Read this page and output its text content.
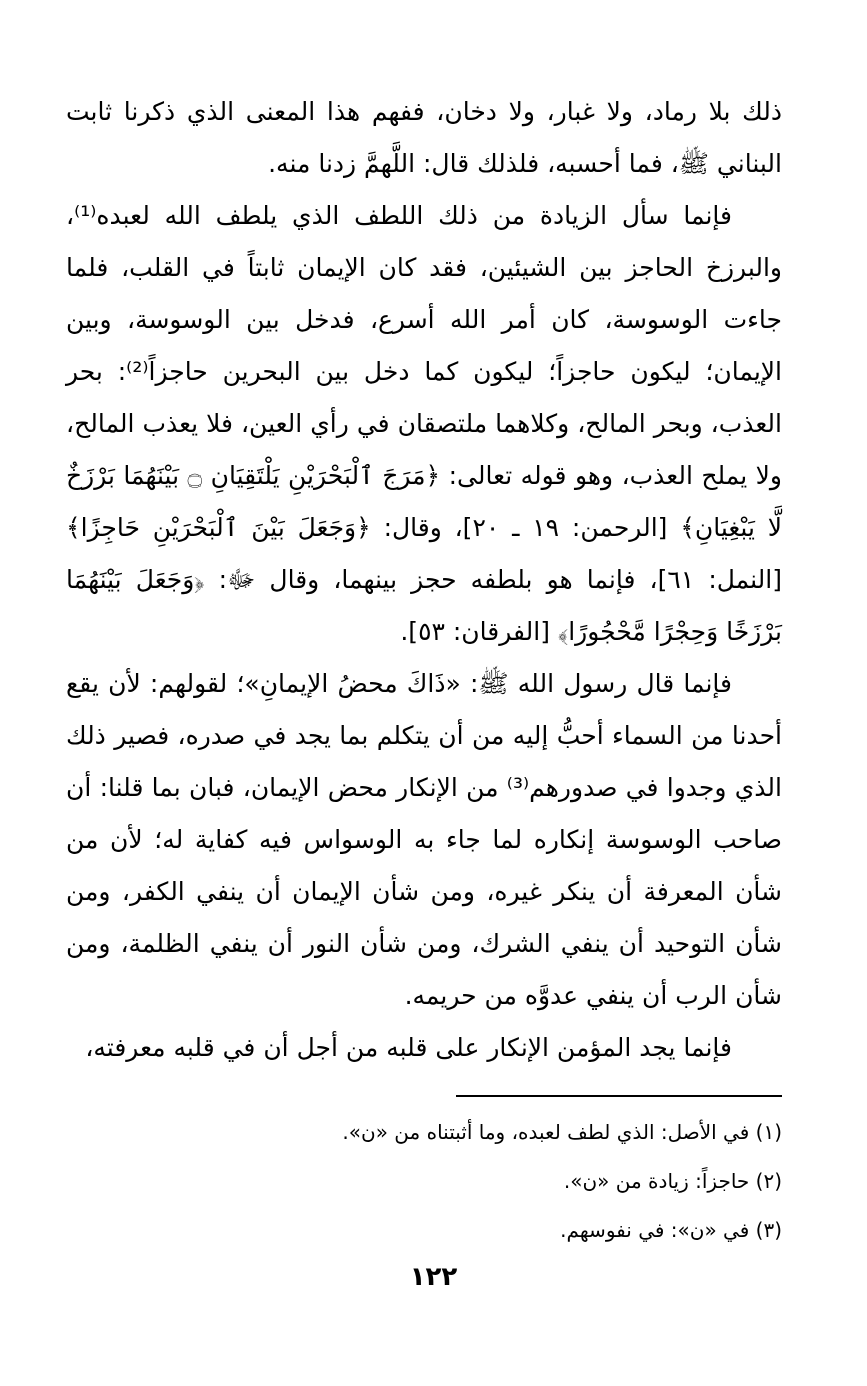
ذلك بلا رماد، ولا غبار، ولا دخان، ففهم هذا المعنى الذي ذكرنا ثابت البناني ﷺ، فما أحسبه، فلذلك قال: اللَّهمَّ زدنا منه.

فإنما سأل الزيادة من ذلك اللطف الذي يلطف الله لعبده⁽¹⁾، والبرزخ الحاجز بين الشيئين، فقد كان الإيمان ثابتاً في القلب، فلما جاءت الوسوسة، كان أمر الله أسرع، فدخل بين الوسوسة، وبين الإيمان؛ ليكون حاجزاً؛ ليكون كما دخل بين البحرين حاجزاً⁽²⁾: بحر العذب، وبحر المالح، وكلاهما ملتصقان في رأي العين، فلا يعذب المالح، ولا يملح العذب، وهو قوله تعالى: ﴿مَرَجَ ٱلْبَحْرَيْنِ يَلْتَقِيَانِ ۝ بَيْنَهُمَا بَرْزَخٌ لَّا يَبْغِيَانِ﴾ [الرحمن: ١٩ ـ ٢٠]، وقال: ﴿وَجَعَلَ بَيْنَ ٱلْبَحْرَيْنِ حَاجِزًا﴾ [النمل: ٦١]، فإنما هو بلطفه حجز بينهما، وقال ﷻ: ﴿وَجَعَلَ بَيْنَهُمَا بَرْزَخًا وَحِجْرًا مَّحْجُورًا﴾ [الفرقان: ٥٣].

فإنما قال رسول الله ﷺ: «ذَاكَ محضُ الإيمانِ»؛ لقولهم: لأن يقع أحدنا من السماء أحبُّ إليه من أن يتكلم بما يجد في صدره، فصير ذلك الذي وجدوا في صدورهم⁽³⁾ من الإنكار محض الإيمان، فبان بما قلنا: أن صاحب الوسوسة إنكاره لما جاء به الوسواس فيه كفاية له؛ لأن من شأن المعرفة أن ينكر غيره، ومن شأن الإيمان أن ينفي الكفر، ومن شأن التوحيد أن ينفي الشرك، ومن شأن النور أن ينفي الظلمة، ومن شأن الرب أن ينفي عدوَّه من حريمه.

فإنما يجد المؤمن الإنكار على قلبه من أجل أن في قلبه معرفته،

(١) في الأصل: الذي لطف لعبده، وما أثبتناه من «ن».
(٢) حاجزاً: زيادة من «ن».
(٣) في «ن»: في نفوسهم.
١٢٢
